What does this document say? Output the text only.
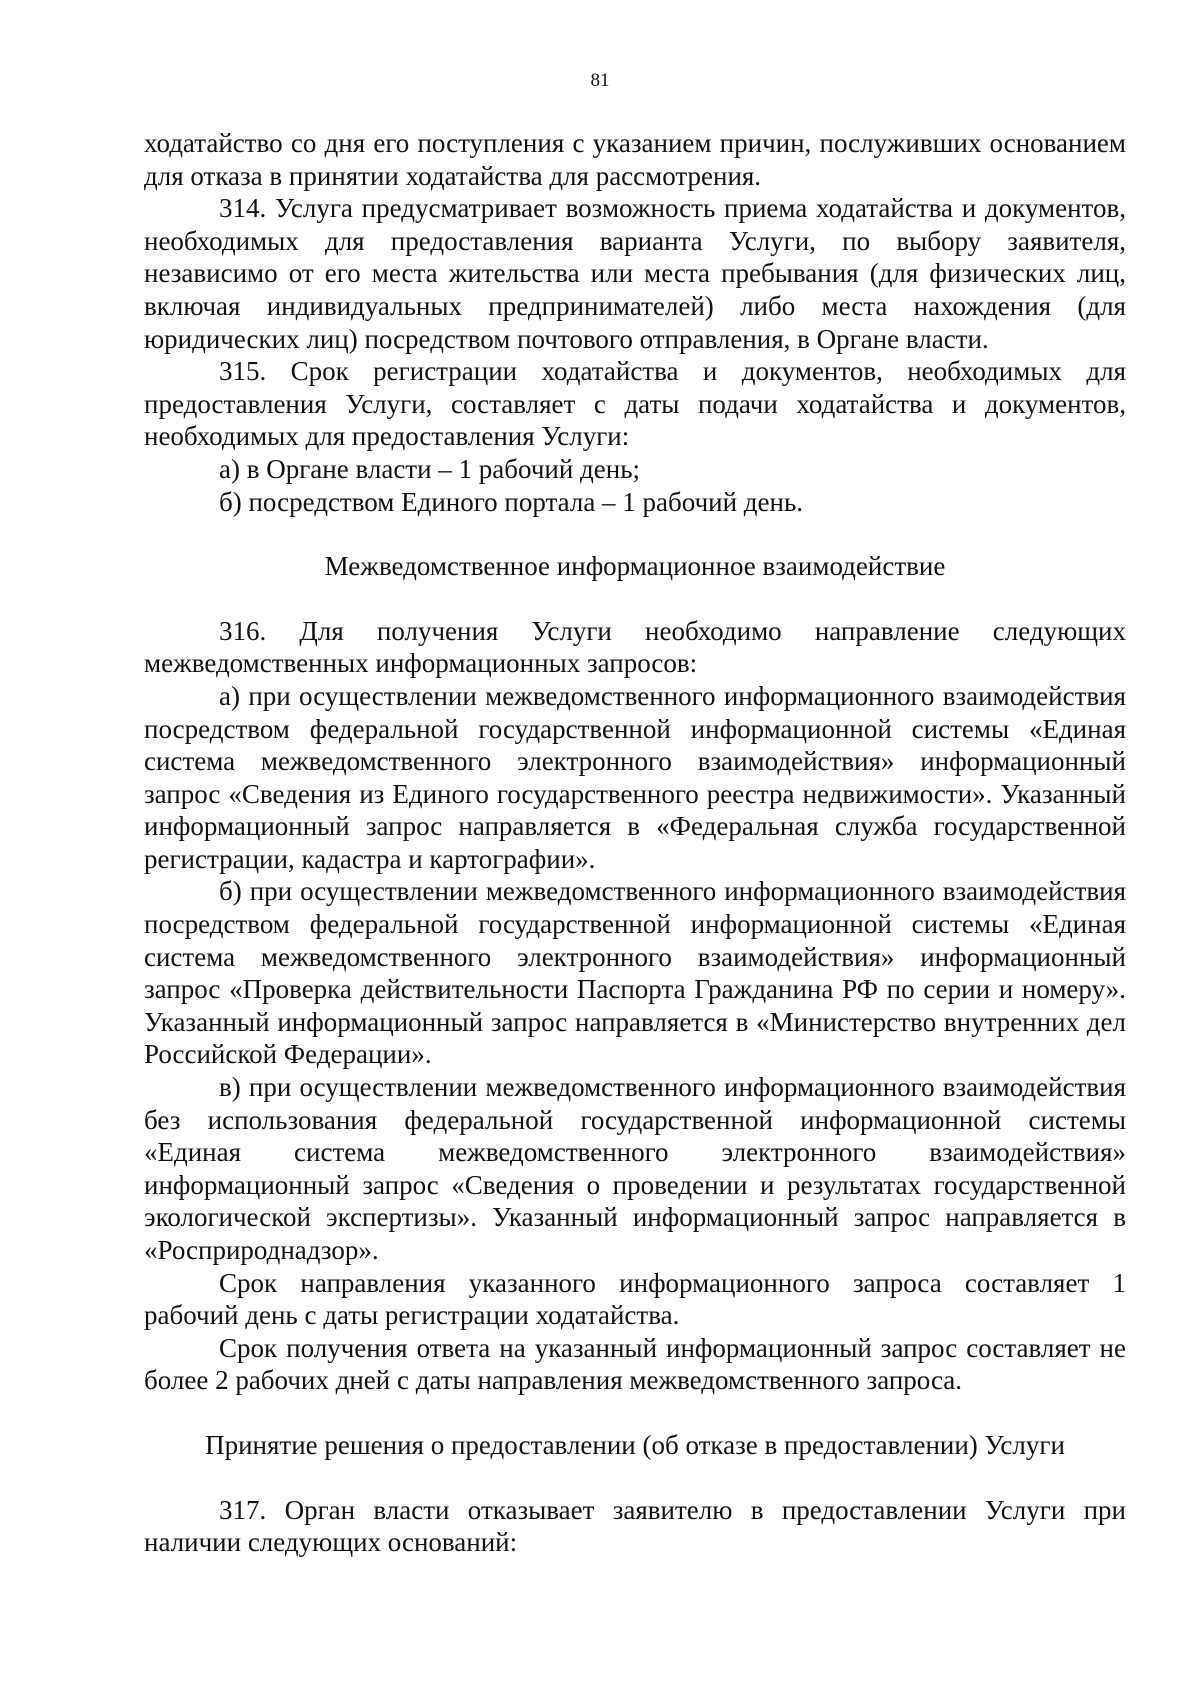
81

ходатайство со дня его поступления с указанием причин, послуживших основанием для отказа в принятии ходатайства для рассмотрения.

314. Услуга предусматривает возможность приема ходатайства и документов, необходимых для предоставления варианта Услуги, по выбору заявителя, независимо от его места жительства или места пребывания (для физических лиц, включая индивидуальных предпринимателей) либо места нахождения (для юридических лиц) посредством почтового отправления, в Органе власти.

315. Срок регистрации ходатайства и документов, необходимых для предоставления Услуги, составляет с даты подачи ходатайства и документов, необходимых для предоставления Услуги:

а) в Органе власти – 1 рабочий день;

б) посредством Единого портала – 1 рабочий день.

Межведомственное информационное взаимодействие

316. Для получения Услуги необходимо направление следующих межведомственных информационных запросов:

а) при осуществлении межведомственного информационного взаимодействия посредством федеральной государственной информационной системы «Единая система межведомственного электронного взаимодействия» информационный запрос «Сведения из Единого государственного реестра недвижимости». Указанный информационный запрос направляется в «Федеральная служба государственной регистрации, кадастра и картографии».

б) при осуществлении межведомственного информационного взаимодействия посредством федеральной государственной информационной системы «Единая система межведомственного электронного взаимодействия» информационный запрос «Проверка действительности Паспорта Гражданина РФ по серии и номеру». Указанный информационный запрос направляется в «Министерство внутренних дел Российской Федерации».

в) при осуществлении межведомственного информационного взаимодействия без использования федеральной государственной информационной системы «Единая система межведомственного электронного взаимодействия» информационный запрос «Сведения о проведении и результатах государственной экологической экспертизы». Указанный информационный запрос направляется в «Росприроднадзор».

Срок направления указанного информационного запроса составляет 1 рабочий день с даты регистрации ходатайства.

Срок получения ответа на указанный информационный запрос составляет не более 2 рабочих дней с даты направления межведомственного запроса.

Принятие решения о предоставлении (об отказе в предоставлении) Услуги

317. Орган власти отказывает заявителю в предоставлении Услуги при наличии следующих оснований:
